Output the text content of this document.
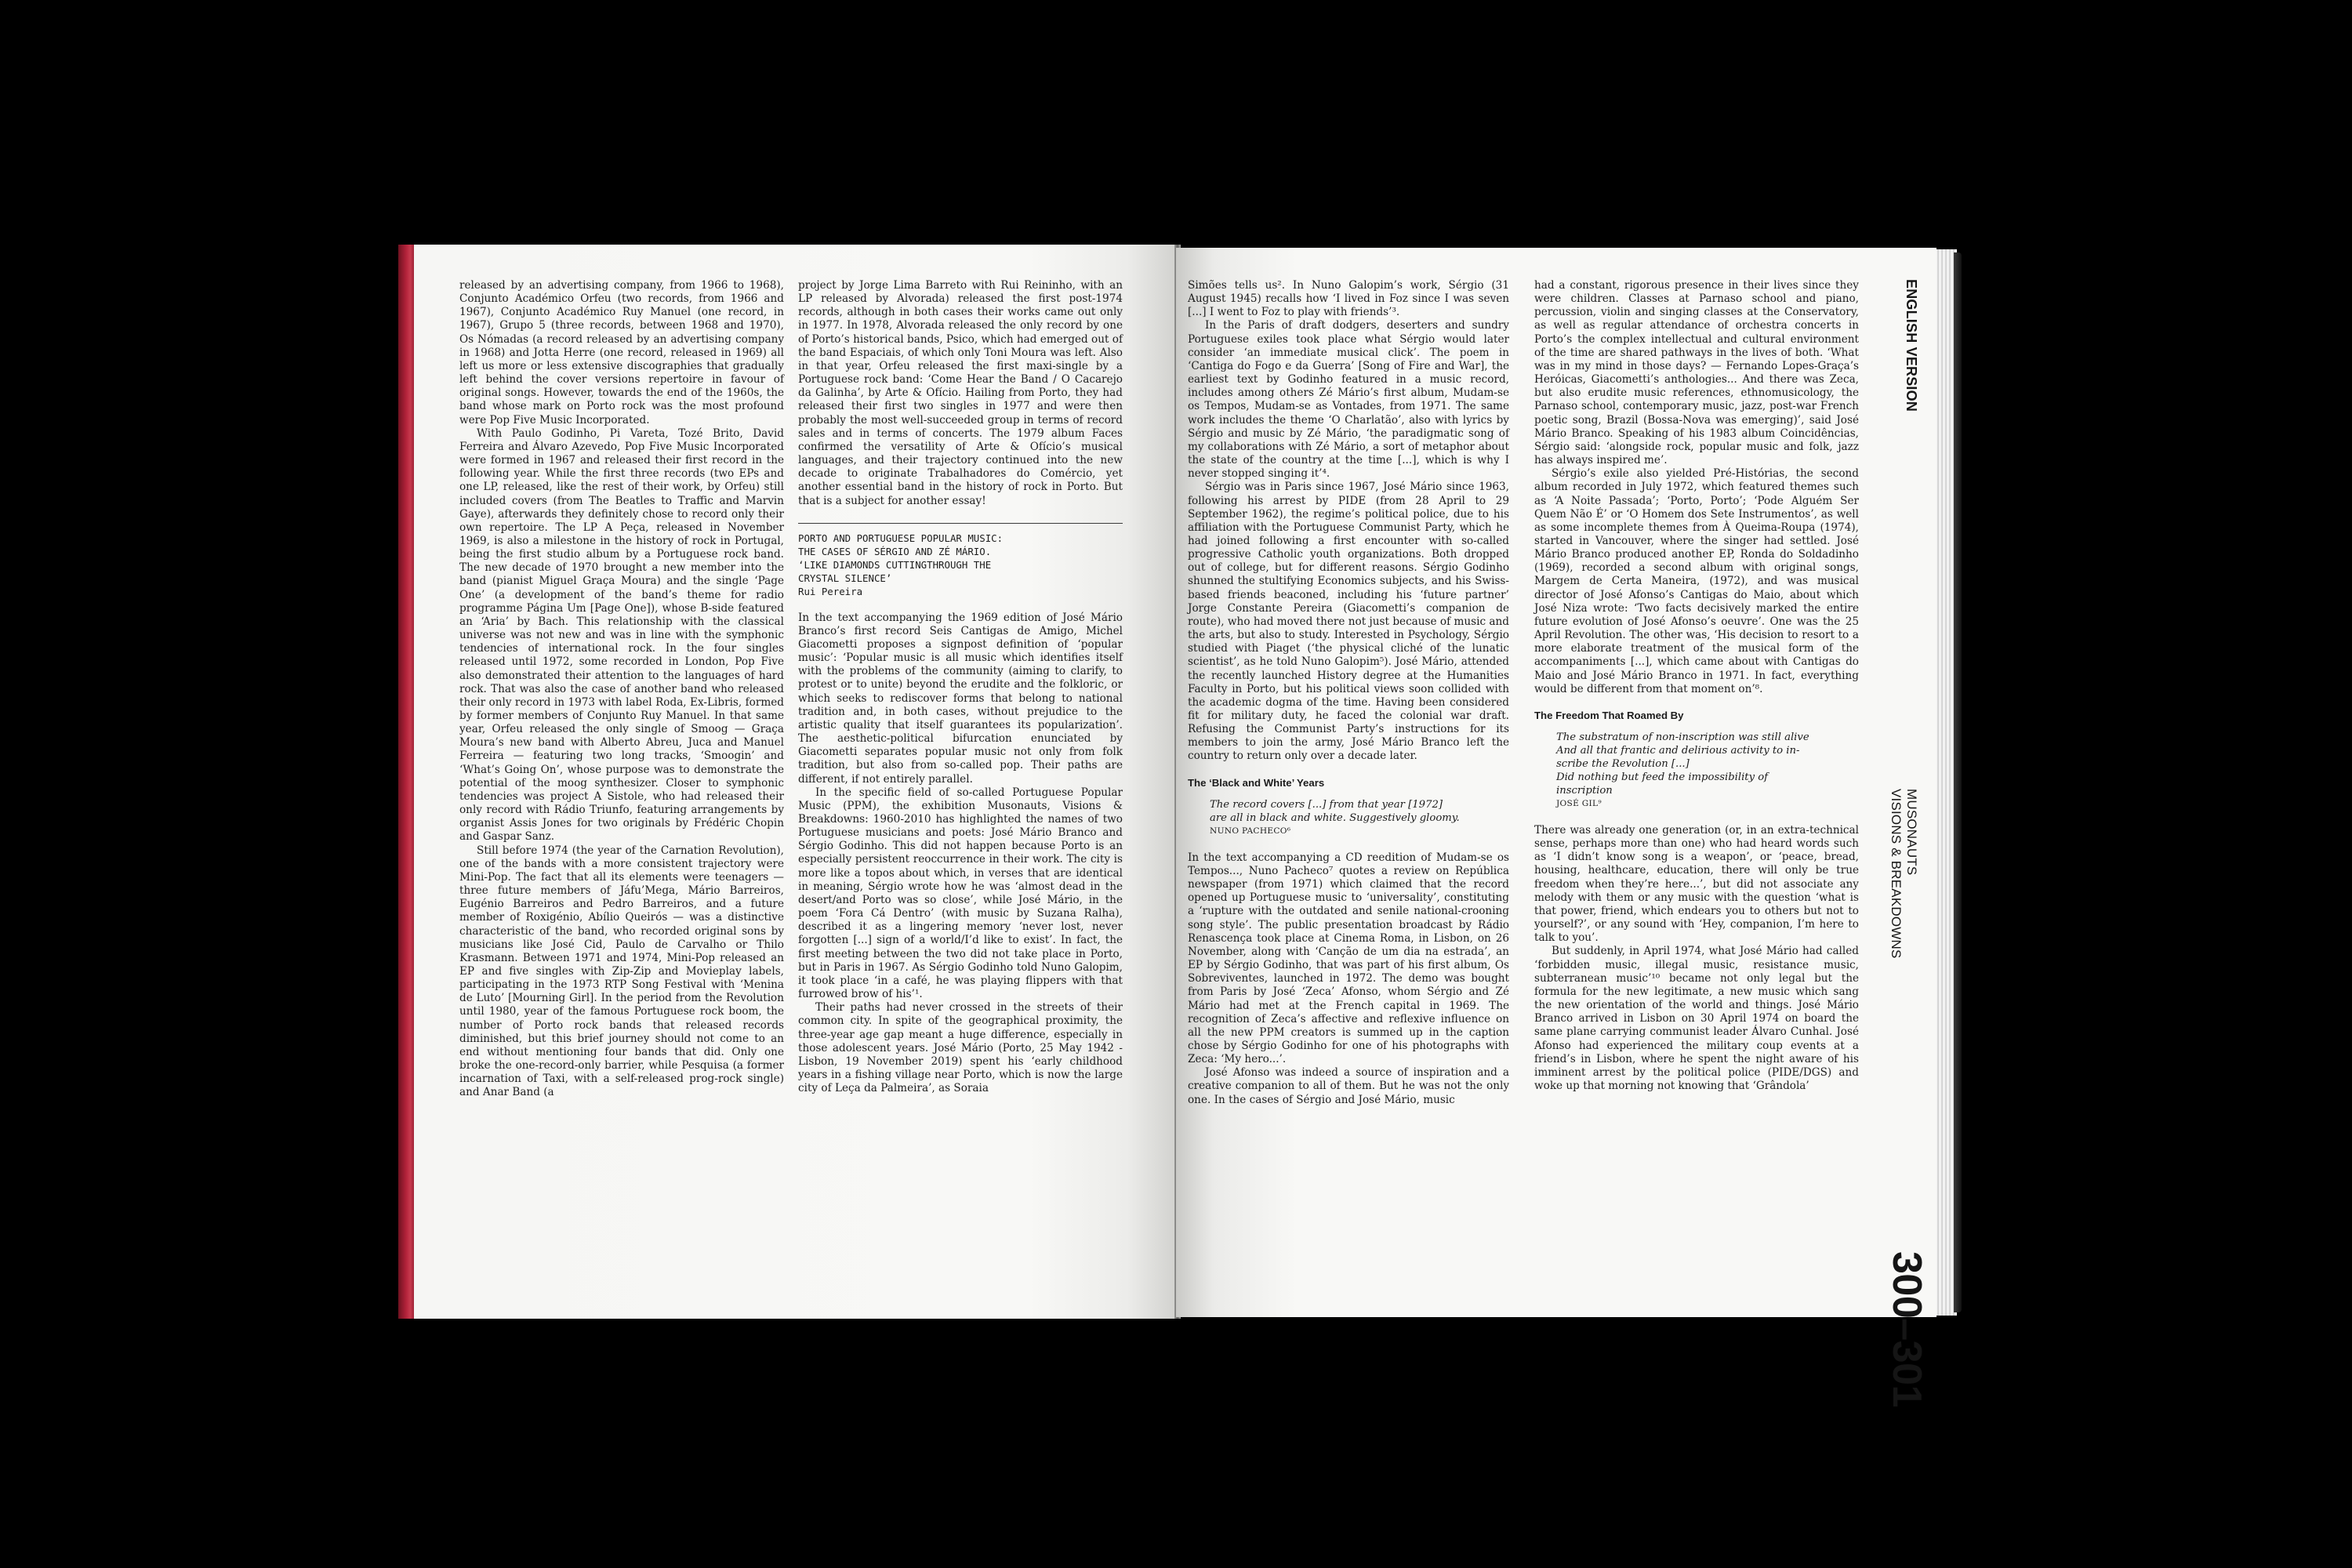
released by an advertising company, from 1966 to 1968), Conjunto Académico Orfeu (two records, from 1966 and 1967), Conjunto Académico Ruy Manuel (one record, in 1967), Grupo 5 (three records, between 1968 and 1970), Os Nómadas (a record released by an advertising company in 1968) and Jotta Herre (one record, released in 1969) all left us more or less extensive discographies that gradually left behind the cover versions repertoire in favour of original songs. However, towards the end of the 1960s, the band whose mark on Porto rock was the most profound were Pop Five Music Incorporated.

With Paulo Godinho, Pi Vareta, Tozé Brito, David Ferreira and Álvaro Azevedo, Pop Five Music Incorporated were formed in 1967 and released their first record in the following year. While the first three records (two EPs and one LP, released, like the rest of their work, by Orfeu) still included covers (from The Beatles to Traffic and Marvin Gaye), afterwards they definitely chose to record only their own repertoire. The LP A Peça, released in November 1969, is also a milestone in the history of rock in Portugal, being the first studio album by a Portuguese rock band. The new decade of 1970 brought a new member into the band (pianist Miguel Graça Moura) and the single ‘Page One’ (a development of the band’s theme for radio programme Página Um [Page One]), whose B-side featured an ‘Aria’ by Bach. This relationship with the classical universe was not new and was in line with the symphonic tendencies of international rock. In the four singles released until 1972, some recorded in London, Pop Five also demonstrated their attention to the languages of hard rock. That was also the case of another band who released their only record in 1973 with label Roda, Ex-Libris, formed by former members of Conjunto Ruy Manuel. In that same year, Orfeu released the only single of Smoog — Graça Moura’s new band with Alberto Abreu, Juca and Manuel Ferreira — featuring two long tracks, ‘Smoogin’ and ‘What’s Going On’, whose purpose was to demonstrate the potential of the moog synthesizer. Closer to symphonic tendencies was project A Sistole, who had released their only record with Rádio Triunfo, featuring arrangements by organist Assis Jones for two originals by Frédéric Chopin and Gaspar Sanz.

Still before 1974 (the year of the Carnation Revolution), one of the bands with a more consistent trajectory were Mini-Pop. The fact that all its elements were teenagers — three future members of Jáfu’Mega, Mário Barreiros, Eugénio Barreiros and Pedro Barreiros, and a future member of Roxigénio, Abílio Queirós — was a distinctive characteristic of the band, who recorded original sons by musicians like José Cid, Paulo de Carvalho or Thilo Krasmann. Between 1971 and 1974, Mini-Pop released an EP and five singles with Zip-Zip and Movieplay labels, participating in the 1973 RTP Song Festival with ‘Menina de Luto’ [Mourning Girl]. In the period from the Revolution until 1980, year of the famous Portuguese rock boom, the number of Porto rock bands that released records diminished, but this brief journey should not come to an end without mentioning four bands that did. Only one broke the one-record-only barrier, while Pesquisa (a former incarnation of Taxi, with a self-released prog-rock single) and Anar Band (a

project by Jorge Lima Barreto with Rui Reininho, with an LP released by Alvorada) released the first post-1974 records, although in both cases their works came out only in 1977. In 1978, Alvorada released the only record by one of Porto’s historical bands, Psico, which had emerged out of the band Espaciais, of which only Toni Moura was left. Also in that year, Orfeu released the first maxi-single by a Portuguese rock band: ‘Come Hear the Band / O Cacarejo da Galinha’, by Arte & Ofício. Hailing from Porto, they had released their first two singles in 1977 and were then probably the most well-succeeded group in terms of record sales and in terms of concerts. The 1979 album Faces confirmed the versatility of Arte & Ofício’s musical languages, and their trajectory continued into the new decade to originate Trabalhadores do Comércio, yet another essential band in the history of rock in Porto. But that is a subject for another essay!

PORTO AND PORTUGUESE POPULAR MUSIC:
THE CASES OF SÉRGIO AND ZÉ MÁRIO.
‘LIKE DIAMONDS CUTTINGTHROUGH THE
CRYSTAL SILENCE’
Rui Pereira

In the text accompanying the 1969 edition of José Mário Branco’s first record Seis Cantigas de Amigo, Michel Giacometti proposes a signpost definition of ‘popular music’: ‘Popular music is all music which identifies itself with the problems of the community (aiming to clarify, to protest or to unite) beyond the erudite and the folkloric, or which seeks to rediscover forms that belong to national tradition and, in both cases, without prejudice to the artistic quality that itself guarantees its popularization’. The aesthetic-political bifurcation enunciated by Giacometti separates popular music not only from folk tradition, but also from so-called pop. Their paths are different, if not entirely parallel.

In the specific field of so-called Portuguese Popular Music (PPM), the exhibition Musonauts, Visions & Breakdowns: 1960-2010 has highlighted the names of two Portuguese musicians and poets: José Mário Branco and Sérgio Godinho. This did not happen because Porto is an especially persistent reoccurrence in their work. The city is more like a topos about which, in verses that are identical in meaning, Sérgio wrote how he was ‘almost dead in the desert/and Porto was so close’, while José Mário, in the poem ‘Fora Cá Dentro’ (with music by Suzana Ralha), described it as a lingering memory ‘never lost, never forgotten [...] sign of a world/I’d like to exist’. In fact, the first meeting between the two did not take place in Porto, but in Paris in 1967. As Sérgio Godinho told Nuno Galopim, it took place ‘in a café, he was playing flippers with that furrowed brow of his’¹.

Their paths had never crossed in the streets of their common city. In spite of the geographical proximity, the three-year age gap meant a huge difference, especially in those adolescent years. José Mário (Porto, 25 May 1942 - Lisbon, 19 November 2019) spent his ‘early childhood years in a fishing village near Porto, which is now the large city of Leça da Palmeira’, as Soraia

Simões tells us². In Nuno Galopim’s work, Sérgio (31 August 1945) recalls how ‘I lived in Foz since I was seven [...] I went to Foz to play with friends’³.

In the Paris of draft dodgers, deserters and sundry Portuguese exiles took place what Sérgio would later consider ‘an immediate musical click’. The poem in ‘Cantiga do Fogo e da Guerra’ [Song of Fire and War], the earliest text by Godinho featured in a music record, includes among others Zé Mário’s first album, Mudam-se os Tempos, Mudam-se as Vontades, from 1971. The same work includes the theme ‘O Charlatão’, also with lyrics by Sérgio and music by Zé Mário, ‘the paradigmatic song of my collaborations with Zé Mário, a sort of metaphor about the state of the country at the time [...], which is why I never stopped singing it’⁴.

Sérgio was in Paris since 1967, José Mário since 1963, following his arrest by PIDE (from 28 April to 29 September 1962), the regime’s political police, due to his affiliation with the Portuguese Communist Party, which he had joined following a first encounter with so-called progressive Catholic youth organizations. Both dropped out of college, but for different reasons. Sérgio Godinho shunned the stultifying Economics subjects, and his Swiss-based friends beaconed, including his ‘future partner’ Jorge Constante Pereira (Giacometti’s companion de route), who had moved there not just because of music and the arts, but also to study. Interested in Psychology, Sérgio studied with Piaget (‘the physical cliché of the lunatic scientist’, as he told Nuno Galopim⁵). José Mário, attended the recently launched History degree at the Humanities Faculty in Porto, but his political views soon collided with the academic dogma of the time. Having been considered fit for military duty, he faced the colonial war draft. Refusing the Communist Party’s instructions for its members to join the army, José Mário Branco left the country to return only over a decade later.

The ‘Black and White’ Years
The record covers [...] from that year [1972]
are all in black and white. Suggestively gloomy.
NUNO PACHECO⁶

In the text accompanying a CD reedition of Mudam-se os Tempos..., Nuno Pacheco⁷ quotes a review on República newspaper (from 1971) which claimed that the record opened up Portuguese music to ‘universality’, constituting a ‘rupture with the outdated and senile national-crooning song style’. The public presentation broadcast by Rádio Renascença took place at Cinema Roma, in Lisbon, on 26 November, along with ‘Canção de um dia na estrada’, an EP by Sérgio Godinho, that was part of his first album, Os Sobreviventes, launched in 1972. The demo was bought from Paris by José ‘Zeca’ Afonso, whom Sérgio and Zé Mário had met at the French capital in 1969. The recognition of Zeca’s affective and reflexive influence on all the new PPM creators is summed up in the caption chose by Sérgio Godinho for one of his photographs with Zeca: ‘My hero...’.

José Afonso was indeed a source of inspiration and a creative companion to all of them. But he was not the only one. In the cases of Sérgio and José Mário, music

had a constant, rigorous presence in their lives since they were children. Classes at Parnaso school and piano, percussion, violin and singing classes at the Conservatory, as well as regular attendance of orchestra concerts in Porto’s the complex intellectual and cultural environment of the time are shared pathways in the lives of both. ‘What was in my mind in those days? — Fernando Lopes-Graça’s Heróicas, Giacometti’s anthologies... And there was Zeca, but also erudite music references, ethnomusicology, the Parnaso school, contemporary music, jazz, post-war French poetic song, Brazil (Bossa-Nova was emerging)’, said José Mário Branco. Speaking of his 1983 album Coincidências, Sérgio said: ‘alongside rock, popular music and folk, jazz has always inspired me’.

Sérgio’s exile also yielded Pré-Histórias, the second album recorded in July 1972, which featured themes such as ‘A Noite Passada’; ‘Porto, Porto’; ‘Pode Alguém Ser Quem Não É’ or ‘O Homem dos Sete Instrumentos’, as well as some incomplete themes from À Queima-Roupa (1974), started in Vancouver, where the singer had settled. José Mário Branco produced another EP, Ronda do Soldadinho (1969), recorded a second album with original songs, Margem de Certa Maneira, (1972), and was musical director of José Afonso’s Cantigas do Maio, about which José Niza wrote: ‘Two facts decisively marked the entire future evolution of José Afonso’s oeuvre’. One was the 25 April Revolution. The other was, ‘His decision to resort to a more elaborate treatment of the musical form of the accompaniments [...], which came about with Cantigas do Maio and José Mário Branco in 1971. In fact, everything would be different from that moment on’⁸.

The Freedom That Roamed By
The substratum of non-inscription was still alive
And all that frantic and delirious activity to in-
scribe the Revolution [...]
Did nothing but feed the impossibility of
inscription
JOSÉ GIL⁹

There was already one generation (or, in an extra-technical sense, perhaps more than one) who had heard words such as ‘I didn’t know song is a weapon’, or ‘peace, bread, housing, healthcare, education, there will only be true freedom when they’re here...’, but did not associate any melody with them or any music with the question ‘what is that power, friend, which endears you to others but not to yourself?’, or any sound with ‘Hey, companion, I’m here to talk to you’.

But suddenly, in April 1974, what José Mário had called ‘forbidden music, illegal music, resistance music, subterranean music’¹⁰ became not only legal but the formula for the new legitimate, a new music which sang the new orientation of the world and things. José Mário Branco arrived in Lisbon on 30 April 1974 on board the same plane carrying communist leader Álvaro Cunhal. José Afonso had experienced the military coup events at a friend’s in Lisbon, where he spent the night aware of his imminent arrest by the political police (PIDE/DGS) and woke up that morning not knowing that ‘Grândola’

ENGLISH VERSION
MUSONAUTS
VISIONS & BREAKDOWNS
300–301
